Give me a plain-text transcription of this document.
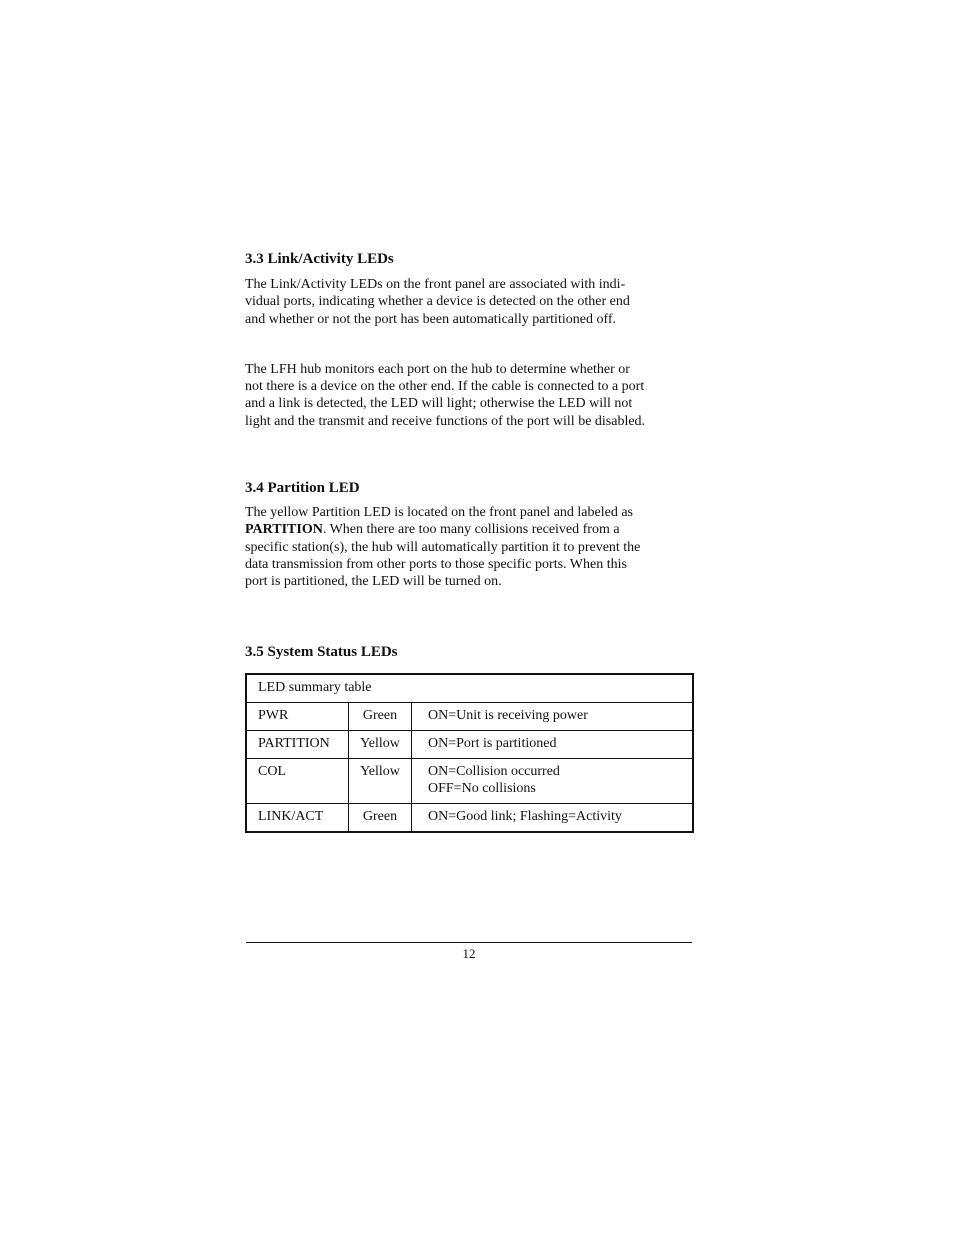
3.3 Link/Activity LEDs

The Link/Activity LEDs on the front panel are associated with indi-
vidual ports, indicating whether a device is detected on the other end
and whether or not the port has been automatically partitioned off.

The LFH hub monitors each port on the hub to determine whether or
not there is a device on the other end. If the cable is connected to a port
and a link is detected, the LED will light; otherwise the LED will not
light and the transmit and receive functions of the port will be disabled.

3.4 Partition LED

The yellow Partition LED is located on the front panel and labeled as
PARTITION. When there are too many collisions received from a
specific station(s), the hub will automatically partition it to prevent the
data transmission from other ports to those specific ports. When this
port is partitioned, the LED will be turned on.

3.5 System Status LEDs
LED summary table		
PWR	Green	ON=Unit is receiving power
PARTITION	Yellow	ON=Port is partitioned
COL	Yellow	ON=Collision occurred
OFF=No collisions
LINK/ACT	Green	ON=Good link; Flashing=Activity
12
